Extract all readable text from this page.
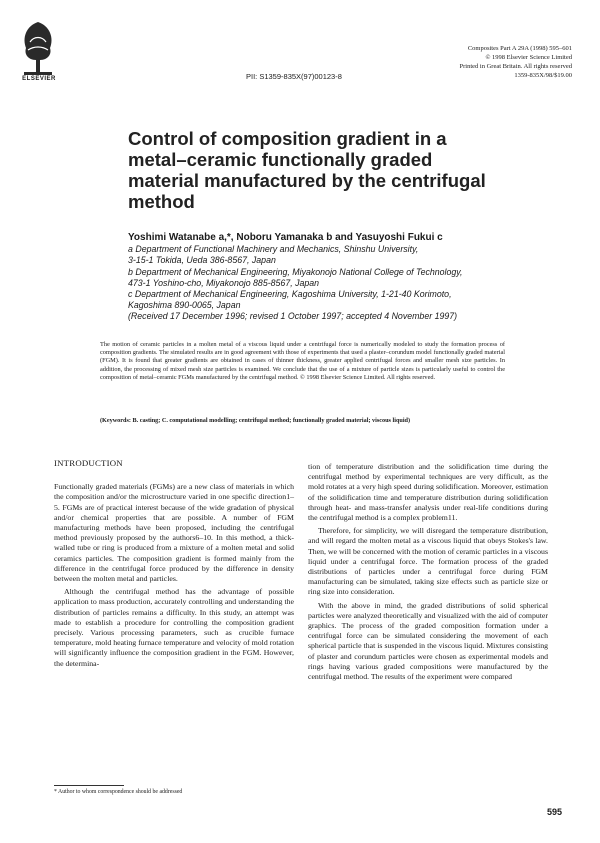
ELSEVIER	PII: S1359-835X(97)00123-8
Composites Part A 29A (1998) 595–601
© 1998 Elsevier Science Limited
Printed in Great Britain. All rights reserved
1359-835X/98/$19.00
Control of composition gradient in a metal–ceramic functionally graded material manufactured by the centrifugal method
Yoshimi Watanabe a,*, Noboru Yamanaka b and Yasuyoshi Fukui c
a Department of Functional Machinery and Mechanics, Shinshu University,
3-15-1 Tokida, Ueda 386-8567, Japan
b Department of Mechanical Engineering, Miyakonojo National College of Technology,
473-1 Yoshino-cho, Miyakonojo 885-8567, Japan
c Department of Mechanical Engineering, Kagoshima University, 1-21-40 Korimoto,
Kagoshima 890-0065, Japan
(Received 17 December 1996; revised 1 October 1997; accepted 4 November 1997)
The motion of ceramic particles in a molten metal of a viscous liquid under a centrifugal force is numerically modeled to study the formation process of composition gradients. The simulated results are in good agreement with those of experiments that used a plaster–corundum model functionally graded material (FGM). It is found that greater gradients are obtained in cases of thinner thickness, greater applied centrifugal forces and smaller mesh size particles. In addition, the processing of mixed mesh size particles is examined. We conclude that the use of a mixture of particle sizes is particularly useful to control the composition of metal–ceramic FGMs manufactured by the centrifugal method. © 1998 Elsevier Science Limited. All rights reserved.
(Keywords: B. casting; C. computational modelling; centrifugal method; functionally graded material; viscous liquid)
INTRODUCTION

Functionally graded materials (FGMs) are a new class of materials in which the composition and/or the microstructure varied in one specific direction1–5. FGMs are of practical interest because of the wide gradation of physical and/or chemical properties that are possible. A number of FGM manufacturing methods have been proposed, including the centrifugal method previously proposed by the authors6–10. In this method, a thick-walled tube or ring is produced from a mixture of a molten metal and solid ceramics particles. The composition gradient is formed mainly from the difference in the centrifugal force produced by the difference in density between the molten metal and particles.

Although the centrifugal method has the advantage of possible application to mass production, accurately controlling and understanding the distribution of particles remains a difficulty. In this study, an attempt was made to establish a procedure for controlling the composition gradient precisely. Various processing parameters, such as crucible furnace temperature, mold heating furnace temperature and velocity of mold rotation will significantly influence the composition gradient in the FGM. However, the determina-

tion of temperature distribution and the solidification time during the centrifugal method by experimental techniques are very difficult, as the mold rotates at a very high speed during solidification. Moreover, estimation of the solidification time and temperature distribution during solidification through heat- and mass-transfer analysis under real-life conditions during the centrifugal method is a complex problem11.

Therefore, for simplicity, we will disregard the temperature distribution, and will regard the molten metal as a viscous liquid that obeys Stokes's law. Then, we will be concerned with the motion of ceramic particles in a viscous liquid under a centrifugal force. The formation process of the graded distributions of particles under a centrifugal force during FGM manufacturing can be simulated, taking size effects such as particle size or ring size into consideration.

With the above in mind, the graded distributions of solid spherical particles were analyzed theoretically and visualized with the aid of computer graphics. The process of the graded composition formation under a centrifugal force can be simulated considering the movement of each spherical particle that is suspended in the viscous liquid. Mixtures consisting of plaster and corundum particles were chosen as experimental models and rings having various graded compositions were manufactured by the centrifugal method. The results of the experiment were compared

* Author to whom correspondence should be addressed
595
